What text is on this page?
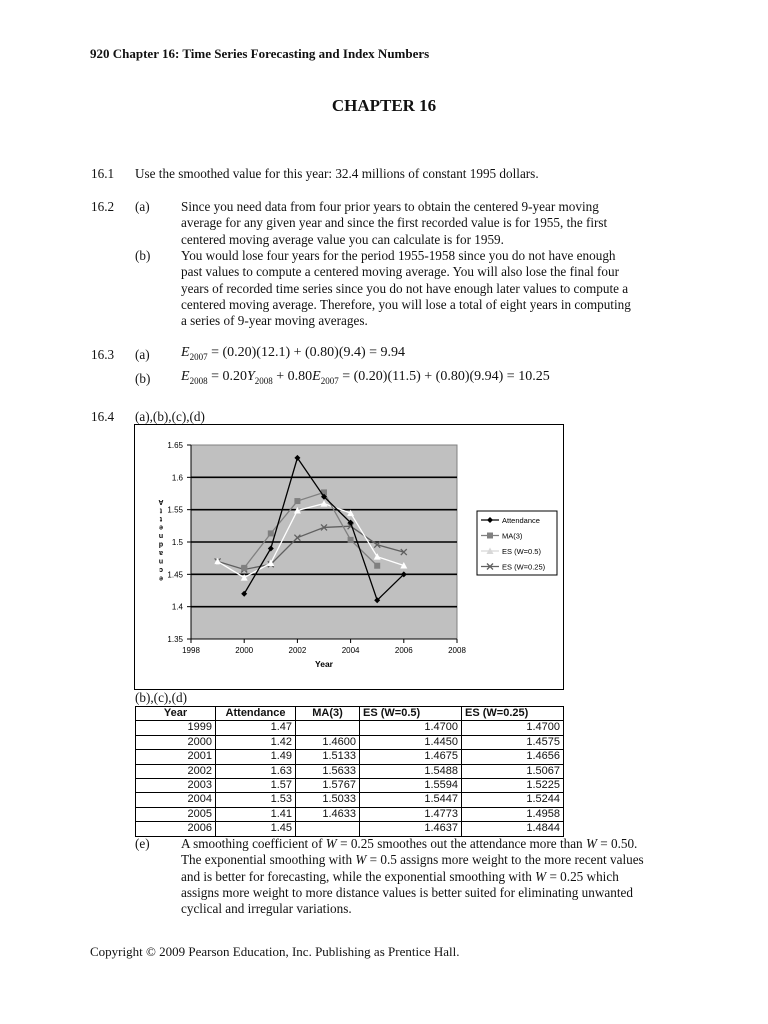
920 Chapter 16: Time Series Forecasting and Index Numbers
CHAPTER 16
16.1 Use the smoothed value for this year: 32.4 millions of constant 1995 dollars.
16.2 (a) Since you need data from four prior years to obtain the centered 9-year moving
average for any given year and since the first recorded value is for 1955, the first
centered moving average value you can calculate is for 1959.
(b) You would lose four years for the period 1955-1958 since you do not have enough
past values to compute a centered moving average. You will also lose the final four
years of recorded time series since you do not have enough later values to compute a
centered moving average. Therefore, you will lose a total of eight years in computing
a series of 9-year moving averages.
16.3 (a) $E_{2007} = (0.20)(12.1) + (0.80)(9.4) = 9.94$
(b) $E_{2008} = 0.20Y_{2008} + 0.80E_{2007} = (0.20)(11.5) + (0.80)(9.94) = 10.25$
16.4 (a),(b),(c),(d)
1.35
1.4
1.45
1.5
1.55
1.6
1.65
1998	2000	2002	2004	2006	2008
Year
ecnadnettA
Attendance
MA(3)
ES (W=0.5)
ES (W=0.25)
(b),(c),(d)
Year	Attendance	MA(3)	ES (W=0.5)	ES (W=0.25)
1999	1.47		1.4700	1.4700
2000	1.42	1.4600	1.4450	1.4575
2001	1.49	1.5133	1.4675	1.4656
2002	1.63	1.5633	1.5488	1.5067
2003	1.57	1.5767	1.5594	1.5225
2004	1.53	1.5033	1.5447	1.5244
2005	1.41	1.4633	1.4773	1.4958
2006	1.45		1.4637	1.4844
(e) A smoothing coefficient of W = 0.25 smoothes out the attendance more than W = 0.50.
The exponential smoothing with W = 0.5 assigns more weight to the more recent values
and is better for forecasting, while the exponential smoothing with W = 0.25 which
assigns more weight to more distance values is better suited for eliminating unwanted
cyclical and irregular variations.
Copyright © 2009 Pearson Education, Inc. Publishing as Prentice Hall.
